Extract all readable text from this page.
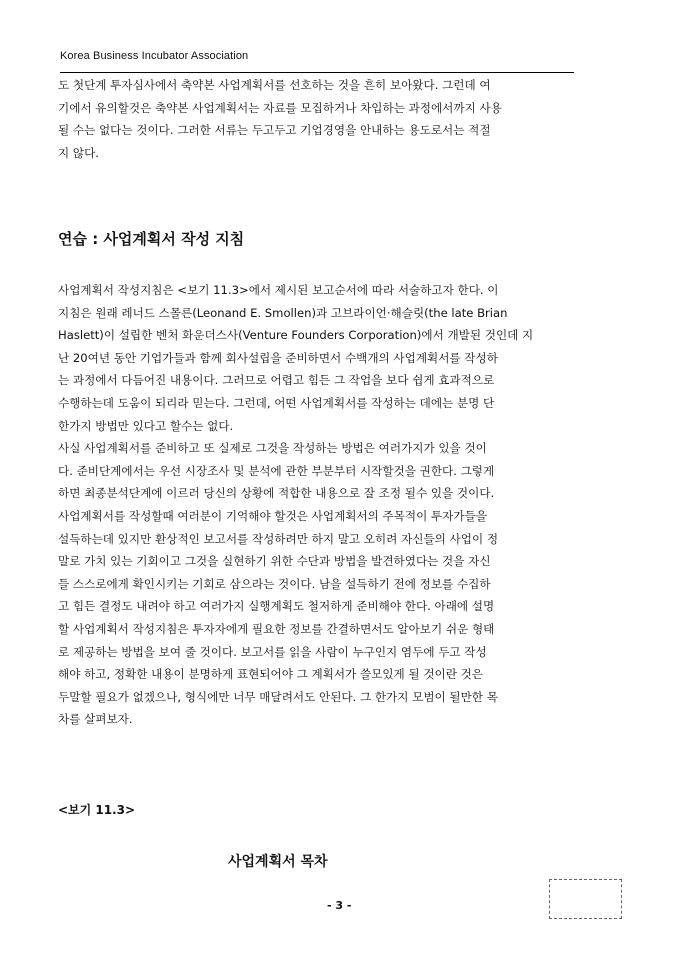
Korea Business Incubator Association
도 첫단계 투자심사에서 축약본 사업계획서를 선호하는 것을 흔히 보아왔다. 그런데 여
기에서 유의할것은 축약본 사업계획서는 자료를 모집하거나 차입하는 과정에서까지 사용
될 수는 없다는 것이다. 그러한 서류는 두고두고 기업경영을 안내하는 용도로서는 적절
지 않다.
연습 : 사업계획서 작성 지침
사업계획서 작성지침은 <보기 11.3>에서 제시된 보고순서에 따라 서술하고자 한다. 이
지침은 원래 레너드 스몰른(Leonand E. Smollen)과 고브라이언·해슬릿(the late Brian
Haslett)이 설립한 벤처 화운더스사(Venture Founders Corporation)에서 개발된 것인데 지
난 20여년 동안 기업가들과 함께 회사설립을 준비하면서 수백개의 사업계획서를 작성하
는 과정에서 다듬어진 내용이다. 그러므로 어렵고 힘든 그 작업을 보다 쉽게 효과적으로
수행하는데 도움이 되리라 믿는다. 그런데, 어떤 사업계획서를 작성하는 데에는 분명 단
한가지 방법만 있다고 할수는 없다.
사실 사업계획서를 준비하고 또 실제로 그것을 작성하는 방법은 여러가지가 있을 것이
다. 준비단계에서는 우선 시장조사 및 분석에 관한 부분부터 시작할것을 권한다. 그렇게
하면 최종분석단계에 이르러 당신의 상황에 적합한 내용으로 잘 조정 될수 있을 것이다.
사업계획서를 작성할때 여러분이 기억해야 할것은 사업계획서의 주목적이 투자가들을
설득하는데 있지만 환상적인 보고서를 작성하려만 하지 말고 오히려 자신들의 사업이 정
말로 가치 있는 기회이고 그것을 실현하기 위한 수단과 방법을 발견하였다는 것을 자신
들 스스로에게 확인시키는 기회로 삼으라는 것이다. 남을 설득하기 전에 정보를 수집하
고 힘든 결정도 내려야 하고 여러가지 실행계획도 철저하게 준비해야 한다. 아래에 설명
할 사업계획서 작성지침은 투자자에게 필요한 정보를 간결하면서도 알아보기 쉬운 형태
로 제공하는 방법을 보여 줄 것이다. 보고서를 읽을 사람이 누구인지 염두에 두고 작성
해야 하고, 정확한 내용이 분명하게 표현되어야 그 계획서가 쓸모있게 될 것이란 것은
두말할 필요가 없겠으나, 형식에만 너무 매달려서도 안된다. 그 한가지 모범이 될만한 목
차를 살펴보자.
<보기 11.3>
사업계획서 목차
- 3 -
